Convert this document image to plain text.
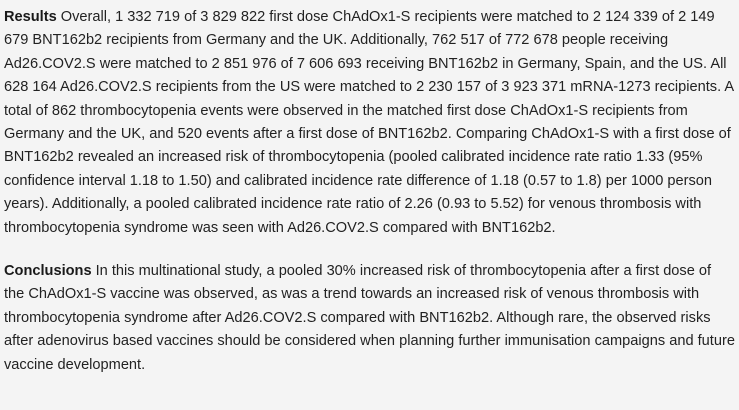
Results Overall, 1 332 719 of 3 829 822 first dose ChAdOx1-S recipients were matched to 2 124 339 of 2 149 679 BNT162b2 recipients from Germany and the UK. Additionally, 762 517 of 772 678 people receiving Ad26.COV2.S were matched to 2 851 976 of 7 606 693 receiving BNT162b2 in Germany, Spain, and the US. All 628 164 Ad26.COV2.S recipients from the US were matched to 2 230 157 of 3 923 371 mRNA-1273 recipients. A total of 862 thrombocytopenia events were observed in the matched first dose ChAdOx1-S recipients from Germany and the UK, and 520 events after a first dose of BNT162b2. Comparing ChAdOx1-S with a first dose of BNT162b2 revealed an increased risk of thrombocytopenia (pooled calibrated incidence rate ratio 1.33 (95% confidence interval 1.18 to 1.50) and calibrated incidence rate difference of 1.18 (0.57 to 1.8) per 1000 person years). Additionally, a pooled calibrated incidence rate ratio of 2.26 (0.93 to 5.52) for venous thrombosis with thrombocytopenia syndrome was seen with Ad26.COV2.S compared with BNT162b2.

Conclusions In this multinational study, a pooled 30% increased risk of thrombocytopenia after a first dose of the ChAdOx1-S vaccine was observed, as was a trend towards an increased risk of venous thrombosis with thrombocytopenia syndrome after Ad26.COV2.S compared with BNT162b2. Although rare, the observed risks after adenovirus based vaccines should be considered when planning further immunisation campaigns and future vaccine development.
